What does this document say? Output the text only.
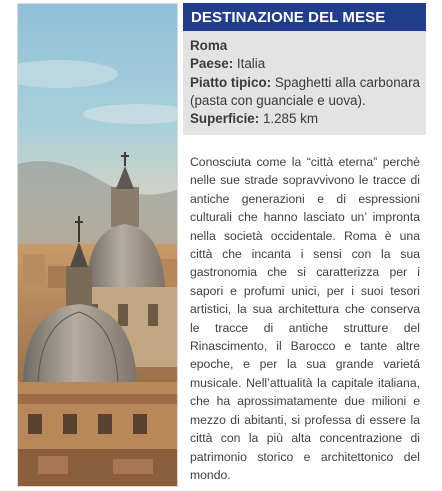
DESTINAZIONE DEL MESE
Roma
Paese: Italia
Piatto tipico: Spaghetti alla carbonara
(pasta con guanciale e uova).
Superficie: 1.285 km
Conosciuta come la “città eterna” perchè nelle sue strade sopravvivono le tracce di antiche generazioni e di espressioni culturali che hanno lasciato un’ impronta nella società occidentale. Roma è una città che incanta i sensi con la sua gastronomia che si caratterizza per i sapori e profumi unici, per i suoi tesori artistici, la sua architettura che conserva le tracce di antiche strutture del Rinascimento, il Barocco e tante altre epoche, e per la sua grande varietá musicale. Nell’attualità la capitale italiana, che ha aprossimatamente due milioni e mezzo di abitanti, si professa di essere la città con la più alta concentrazione di patrimonio storico e architettonico del mondo.
